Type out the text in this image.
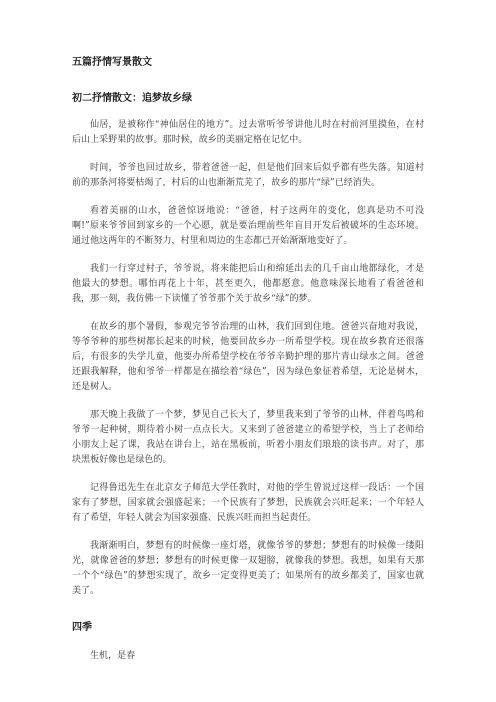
五篇抒情写景散文
初二抒情散文：追梦故乡绿

仙居，是被称作“神仙居住的地方”。过去常听爷爷讲他儿时在村前河里摸鱼，在村后山上采野果的故事。那时候，故乡的美丽定格在记忆中。

时间，爷爷也回过故乡，带着爸爸一起，但是他们回来后似乎都有些失落。知道村前的那条河将要枯竭了，村后的山也渐渐荒芜了，故乡的那片“绿”已经消失。

看着美丽的山水，爸爸惊讶地说：“爸爸，村子这两年的变化，您真是功不可没啊!”原来爷爷回到家乡的一个心愿，就是要治理前些年盲目开发后被破坏的生态环境。通过他这两年的不断努力，村里和周边的生态都已开始渐渐地变好了。

我们一行穿过村子，爷爷说，将来能把后山和绵延出去的几千亩山地都绿化，才是他最大的梦想。哪怕再花上十年，甚至更久，他都愿意。他意味深长地看了看爸爸和我，那一刻，我仿佛一下读懂了爷爷那个关于故乡“绿”的梦。

在故乡的那个暑假，参观完爷爷治理的山林，我们回到住地。爸爸兴奋地对我说，等爷爷种的那些树都长起来的时候，他要回故乡办一所希望学校。现在故乡教育还很落后，有很多的失学儿童，他要办所希望学校在爷爷辛勤护理的那片青山绿水之间。爸爸还跟我解释，他和爷爷一样都是在描绘着“绿色”，因为绿色象征着希望，无论是树木，还是树人。

那天晚上我做了一个梦，梦见自己长大了，梦里我来到了爷爷的山林，伴着鸟鸣和爷爷一起种树，期待着小树一点点长大。又来到了爸爸建立的希望学校，当上了老师给小朋友上起了课，我站在讲台上，站在黑板前，听着小朋友们琅琅的读书声。对了，那块黑板好像也是绿色的。

记得鲁迅先生在北京女子师范大学任教时，对他的学生曾说过这样一段话：一个国家有了梦想，国家就会强盛起来；一个民族有了梦想，民族就会兴旺起来；一个年轻人有了希望，年轻人就会为国家强盛、民族兴旺而担当起责任。

我渐渐明白，梦想有的时候像一座灯塔，就像爷爷的梦想；梦想有的时候像一缕阳光，就像爸爸的梦想；梦想有的时候更像一双翅膀，就像我的梦想。我想，如果有天那一个个“绿色”的梦想实现了，故乡一定变得更美了；如果所有的故乡都美了，国家也就美了。

四季

生机，是春
